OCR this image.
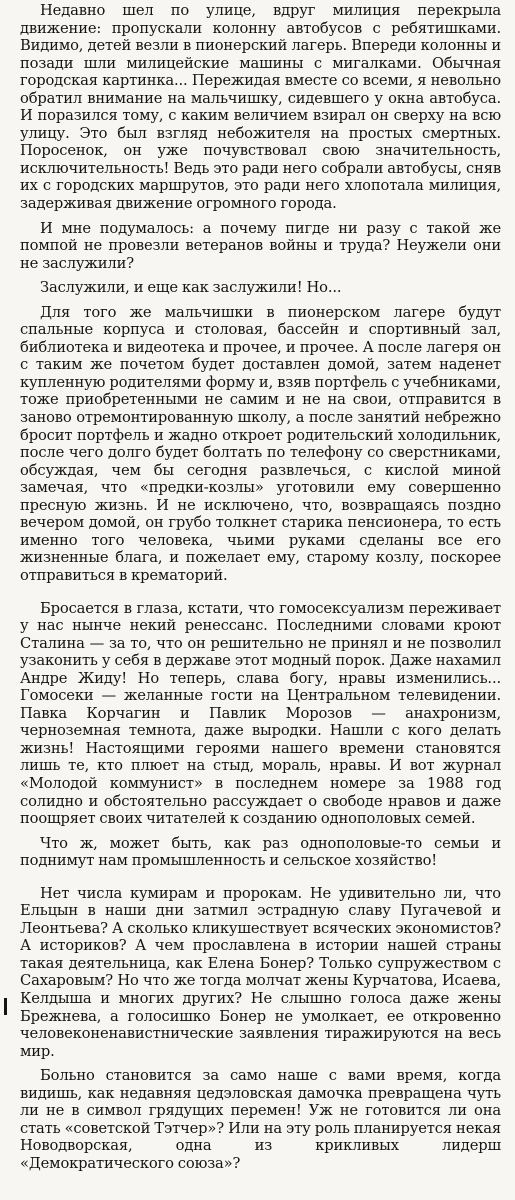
Недавно шел по улице, вдруг милиция перекрыла движение: пропускали колонну автобусов с ребятишками. Видимо, детей везли в пионерский лагерь. Впереди колонны и позади шли милицейские машины с мигалками. Обычная городская картинка... Пережидая вместе со всеми, я невольно обратил внимание на мальчишку, сидевшего у окна автобуса. И поразился тому, с каким величием взирал он сверху на всю улицу. Это был взгляд небожителя на простых смертных. Поросенок, он уже почувствовал свою значительность, исключительность! Ведь это ради него собрали автобусы, сняв их с городских маршрутов, это ради него хлопотала милиция, задерживая движение огромного города.

И мне подумалось: а почему пигде ни разу с такой же помпой не провезли ветеранов войны и труда? Неужели они не заслужили?

Заслужили, и еще как заслужили! Но...

Для того же мальчишки в пионерском лагере будут спальные корпуса и столовая, бассейн и спортивный зал, библиотека и видеотека и прочее, и прочее. А после лагеря он с таким же почетом будет доставлен домой, затем наденет купленную родителями форму и, взяв портфель с учебниками, тоже приобретенными не самим и не на свои, отправится в заново отремонтированную школу, а после занятий небрежно бросит портфель и жадно откроет родительский холодильник, после чего долго будет болтать по телефону со сверстниками, обсуждая, чем бы сегодня развлечься, с кислой миной замечая, что «предки-козлы» уготовили ему совершенно пресную жизнь. И не исключено, что, возвращаясь поздно вечером домой, он грубо толкнет старика пенсионера, то есть именно того человека, чьими руками сделаны все его жизненные блага, и пожелает ему, старому козлу, поскорее отправиться в крематорий.

Бросается в глаза, кстати, что гомосексуализм переживает у нас нынче некий ренессанс. Последними словами кроют Сталина — за то, что он решительно не принял и не позволил узаконить у себя в державе этот модный порок. Даже нахамил Андре Жиду! Но теперь, слава богу, нравы изменились... Гомосеки — желанные гости на Центральном телевидении. Павка Корчагин и Павлик Морозов — анахронизм, черноземная темнота, даже выродки. Нашли с кого делать жизнь! Настоящими героями нашего времени становятся лишь те, кто плюет на стыд, мораль, нравы. И вот журнал «Молодой коммунист» в последнем номере за 1988 год солидно и обстоятельно рассуждает о свободе нравов и даже поощряет своих читателей к созданию однополовых семей.

Что ж, может быть, как раз однополовые-то семьи и поднимут нам промышленность и сельское хозяйство!

Нет числа кумирам и пророкам. Не удивительно ли, что Ельцын в наши дни затмил эстрадную славу Пугачевой и Леонтьева? А сколько кликушествует всяческих экономистов? А историков? А чем прославлена в истории нашей страны такая деятельница, как Елена Бонер? Только супружеством с Сахаровым? Но что же тогда молчат жены Курчатова, Исаева, Келдыша и многих других? Не слышно голоса даже жены Брежнева, а голосишко Бонер не умолкает, ее откровенно человеконенавистнические заявления тиражируются на весь мир.

Больно становится за само наше с вами время, когда видишь, как недавняя цедэловская дамочка превращена чуть ли не в символ грядущих перемен! Уж не готовится ли она стать «советской Тэтчер»? Или на эту роль планируется некая Новодворская, одна из крикливых лидерш «Демократического союза»?
